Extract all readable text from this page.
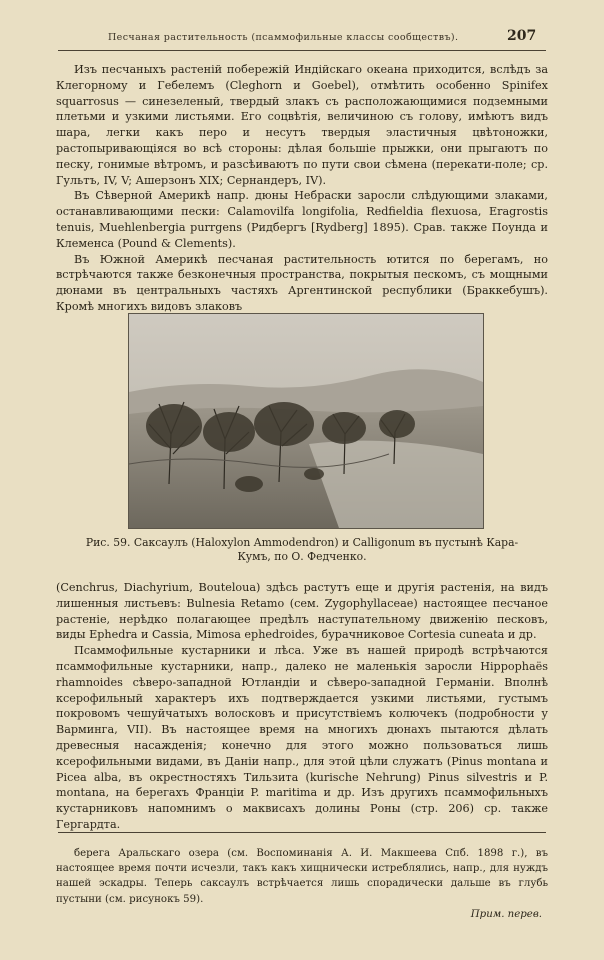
Песчаная растительность (псаммофильные классы сообществъ).	207

Изъ песчаныхъ растеній побережій Индійскаго океана приходится, вслѣдъ за Клегорному и Гебелемъ (Cleghorn и Goebel), отмѣтить особенно Spinifex squarrosus — синезеленый, твердый злакъ съ расположающимися подземными плетьми и узкими листьями. Его соцвѣтія, величиною съ голову, имѣютъ видъ шара, легки какъ перо и несутъ твердыя эластичныя цвѣтоножки, растопыривающіяся во всѣ стороны: дѣлая большіе прыжки, они прыгаютъ по песку, гонимые вѣтромъ, и разсѣиваютъ по пути свои сѣмена (перекати-поле; ср. Гультъ, IV, V; Ашерзонъ XIX; Сернандеръ, IV).

Въ Сѣверной Америкѣ напр. дюны Небраски заросли слѣдующими злаками, останавливающими пески: Calamovilfa longifolia, Redfieldia flexuosa, Eragrostis tenuis, Muehlenbergia purrgens (Ридбергъ [Rydberg] 1895). Срав. также Поунда и Клеменса (Pound & Clements).

Въ Южной Америкѣ песчаная растительность ютится по берегамъ, но встрѣчаются также безконечныя пространства, покрытыя пескомъ, съ мощными дюнами въ центральныхъ частяхъ Аргентинской республики (Браккебушъ). Кромѣ многихъ видовъ злаковъ

Рис. 59. Саксаулъ (Haloxylon Ammodendron) и Calligonum въ пустынѣ Кара-Кумъ, по О. Федченко.

(Cenchrus, Diachyrium, Bouteloua) здѣсь растутъ еще и другія растенія, на видъ лишенныя листьевъ: Bulnesia Retamo (сем. Zygophyllaceae) настоящее песчаное растеніе, нерѣдко полагающее предѣлъ наступательному движенію песковъ, виды Ephedra и Cassia, Mimosa ephedroides, бурачниковое Cortesia cuneata и др.

Псаммофильные кустарники и лѣса. Уже въ нашей природѣ встрѣчаются псаммофильные кустарники, напр., далеко не маленькія заросли Hippophaës rhamnoides сѣверо-западной Ютландіи и сѣверо-западной Германіи. Вполнѣ ксерофильный характеръ ихъ подтверждается узкими листьями, густымъ покровомъ чешуйчатыхъ волосковъ и присутствіемъ колючекъ (подробности у Варминга, VII). Въ настоящее время на многихъ дюнахъ пытаются дѣлать древесныя насажденія; конечно для этого можно пользоваться лишь ксерофильными видами, въ Даніи напр., для этой цѣли служатъ (Pinus montana и Picea alba, въ окрестностяхъ Тильзита (kurische Nehrung) Pinus silvestris и P. montana, на берегахъ Франціи P. maritima и др. Изъ другихъ псаммофильныхъ кустарниковъ напомнимъ о маквисахъ долины Роны (стр. 206) ср. также Гергардта.

берега Аральскаго озера (см. Воспоминанія А. И. Макшеева Спб. 1898 г.), въ настоящее время почти исчезли, такъ какъ хищнически истреблялись, напр., для нуждъ нашей эскадры. Теперь саксаулъ встрѣчается лишь спорадически дальше въ глубь пустыни (см. рисунокъ 59).

Прим. перев.
